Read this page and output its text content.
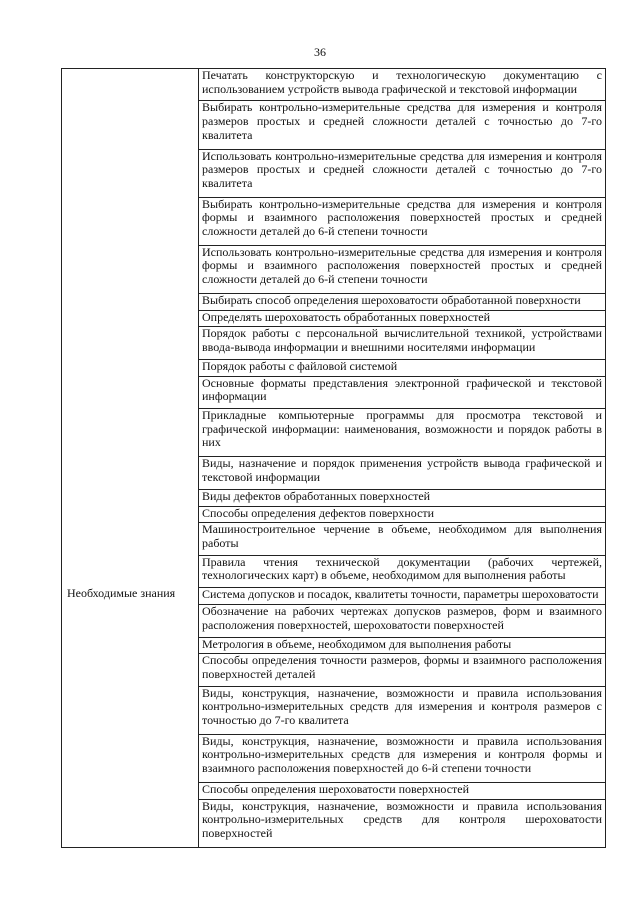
36
Необходимые знания
	Печатать конструкторскую и технологическую документацию с использованием устройств вывода графической и текстовой информации
Выбирать контрольно-измерительные средства для измерения и контроля размеров простых и средней сложности деталей с точностью до 7-го квалитета
Использовать контрольно-измерительные средства для измерения и контроля размеров простых и средней сложности деталей с точностью до 7-го квалитета
Выбирать контрольно-измерительные средства для измерения и контроля формы и взаимного расположения поверхностей простых и средней сложности деталей до 6-й степени точности
Использовать контрольно-измерительные средства для измерения и контроля формы и взаимного расположения поверхностей простых и средней сложности деталей до 6-й степени точности
Выбирать способ определения шероховатости обработанной поверхности
Определять шероховатость обработанных поверхностей
Порядок работы с персональной вычислительной техникой, устройствами ввода-вывода информации и внешними носителями информации
Порядок работы с файловой системой
Основные форматы представления электронной графической и текстовой информации
Прикладные компьютерные программы для просмотра текстовой и графической информации: наименования, возможности и порядок работы в них
Виды, назначение и порядок применения устройств вывода графической и текстовой информации
Виды дефектов обработанных поверхностей
Способы определения дефектов поверхности
Машиностроительное черчение в объеме, необходимом для выполнения работы
Правила чтения технической документации (рабочих чертежей, технологических карт) в объеме, необходимом для выполнения работы
Система допусков и посадок, квалитеты точности, параметры шероховатости
Обозначение на рабочих чертежах допусков размеров, форм и взаимного расположения поверхностей, шероховатости поверхностей
Метрология в объеме, необходимом для выполнения работы
Способы определения точности размеров, формы и взаимного расположения поверхностей деталей
Виды, конструкция, назначение, возможности и правила использования контрольно-измерительных средств для измерения и контроля размеров с точностью до 7-го квалитета
Виды, конструкция, назначение, возможности и правила использования контрольно-измерительных средств для измерения и контроля формы и взаимного расположения поверхностей до 6-й степени точности
Способы определения шероховатости поверхностей
Виды, конструкция, назначение, возможности и правила использования контрольно-измерительных средств для контроля шероховатости поверхностей
